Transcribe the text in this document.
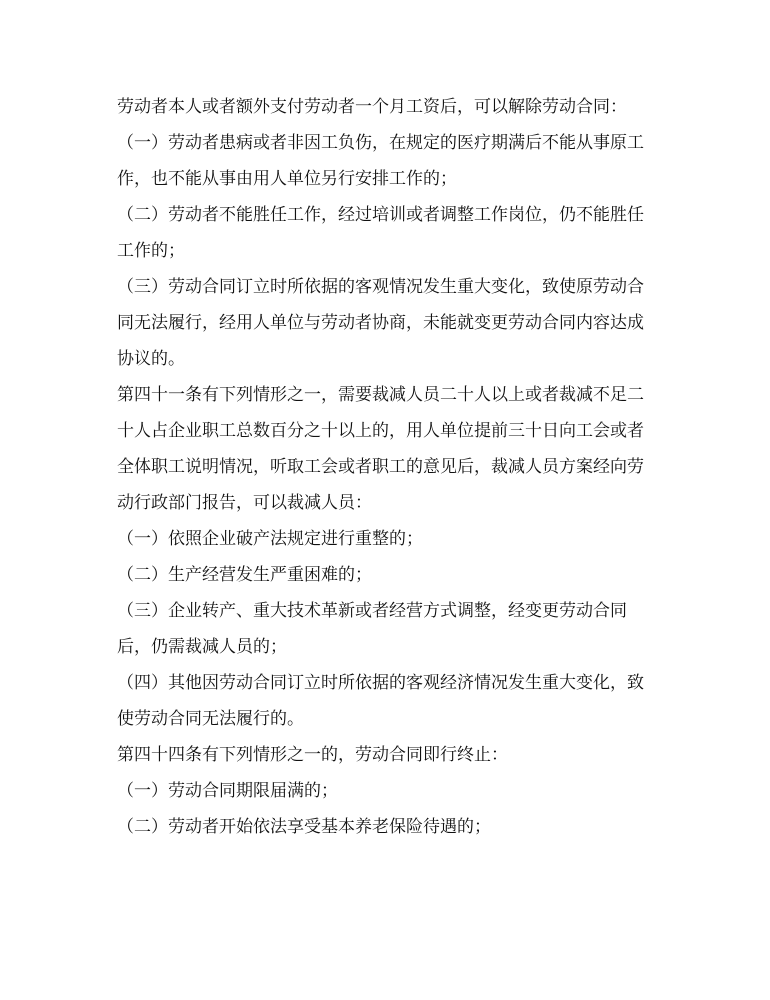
劳动者本人或者额外支付劳动者一个月工资后，可以解除劳动合同：

（一）劳动者患病或者非因工负伤，在规定的医疗期满后不能从事原工作，也不能从事由用人单位另行安排工作的；

（二）劳动者不能胜任工作，经过培训或者调整工作岗位，仍不能胜任工作的；

（三）劳动合同订立时所依据的客观情况发生重大变化，致使原劳动合同无法履行，经用人单位与劳动者协商，未能就变更劳动合同内容达成协议的。

第四十一条有下列情形之一，需要裁减人员二十人以上或者裁减不足二十人占企业职工总数百分之十以上的，用人单位提前三十日向工会或者全体职工说明情况，听取工会或者职工的意见后，裁减人员方案经向劳动行政部门报告，可以裁减人员：

（一）依照企业破产法规定进行重整的；

（二）生产经营发生严重困难的；

（三）企业转产、重大技术革新或者经营方式调整，经变更劳动合同后，仍需裁减人员的；

（四）其他因劳动合同订立时所依据的客观经济情况发生重大变化，致使劳动合同无法履行的。

第四十四条有下列情形之一的，劳动合同即行终止：

（一）劳动合同期限届满的；

（二）劳动者开始依法享受基本养老保险待遇的；
